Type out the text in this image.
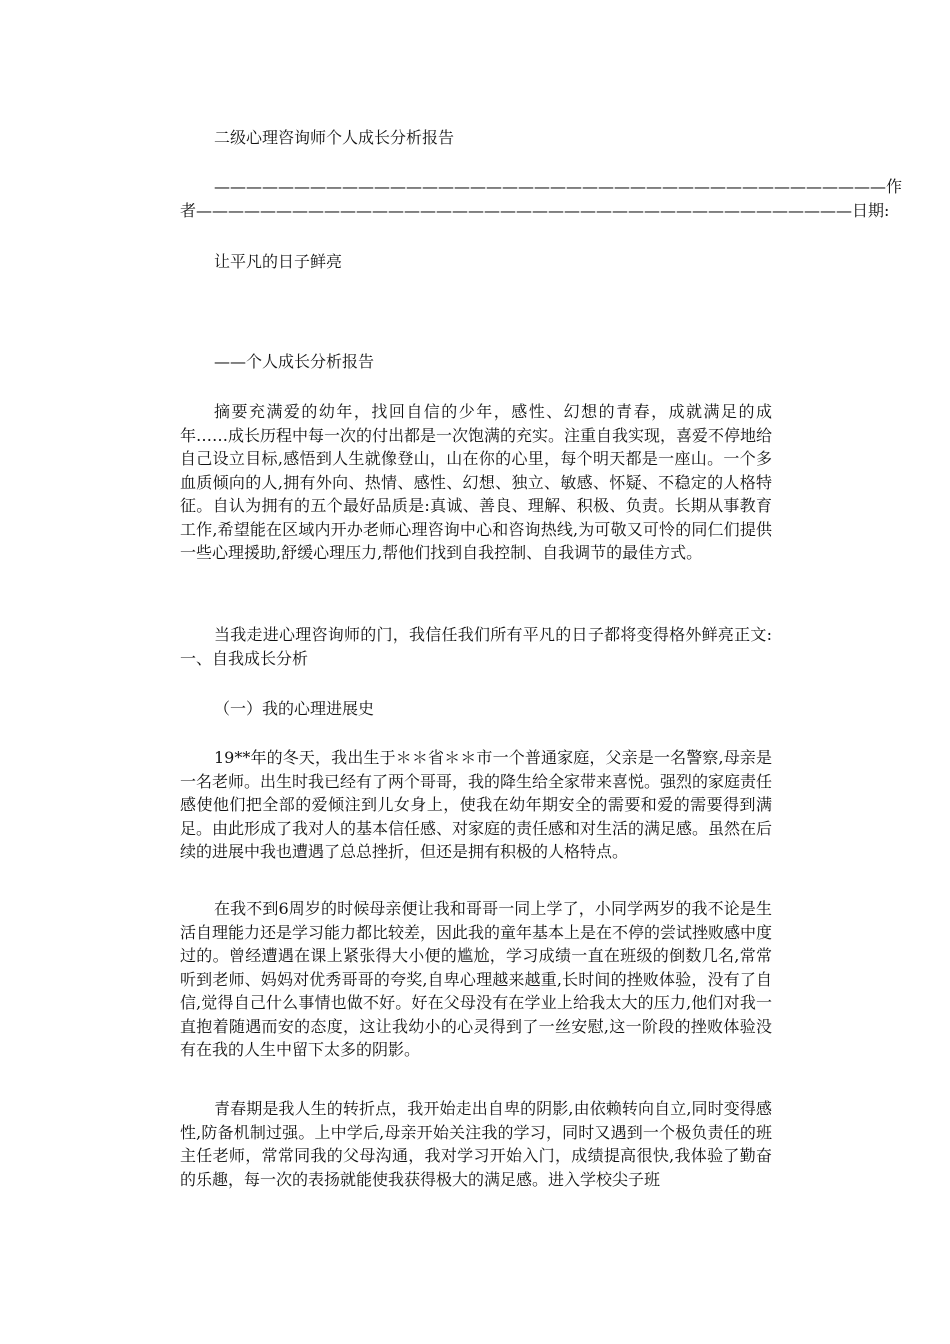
二级心理咨询师个人成长分析报告

——————————————————————————————————————————作

者—————————————————————————————————————————日期:

让平凡的日子鲜亮

——个人成长分析报告

摘要充满爱的幼年，找回自信的少年，感性、幻想的青春，成就满足的成年……成长历程中每一次的付出都是一次饱满的充实。注重自我实现，喜爱不停地给自己设立目标,感悟到人生就像登山，山在你的心里，每个明天都是一座山。一个多血质倾向的人,拥有外向、热情、感性、幻想、独立、敏感、怀疑、不稳定的人格特征。自认为拥有的五个最好品质是:真诚、善良、理解、积极、负责。长期从事教育工作,希望能在区域内开办老师心理咨询中心和咨询热线,为可敬又可怜的同仁们提供一些心理援助,舒缓心理压力,帮他们找到自我控制、自我调节的最佳方式。

当我走进心理咨询师的门，我信任我们所有平凡的日子都将变得格外鲜亮正文:一、自我成长分析

（一）我的心理进展史

19**年的冬天，我出生于＊＊省＊＊市一个普通家庭，父亲是一名警察,母亲是一名老师。出生时我已经有了两个哥哥，我的降生给全家带来喜悦。强烈的家庭责任感使他们把全部的爱倾注到儿女身上，使我在幼年期安全的需要和爱的需要得到满足。由此形成了我对人的基本信任感、对家庭的责任感和对生活的满足感。虽然在后续的进展中我也遭遇了总总挫折，但还是拥有积极的人格特点。

在我不到6周岁的时候母亲便让我和哥哥一同上学了，小同学两岁的我不论是生活自理能力还是学习能力都比较差，因此我的童年基本上是在不停的尝试挫败感中度过的。曾经遭遇在课上紧张得大小便的尴尬，学习成绩一直在班级的倒数几名,常常听到老师、妈妈对优秀哥哥的夸奖,自卑心理越来越重,长时间的挫败体验，没有了自信,觉得自己什么事情也做不好。好在父母没有在学业上给我太大的压力,他们对我一直抱着随遇而安的态度，这让我幼小的心灵得到了一丝安慰,这一阶段的挫败体验没有在我的人生中留下太多的阴影。

青春期是我人生的转折点，我开始走出自卑的阴影,由依赖转向自立,同时变得感性,防备机制过强。上中学后,母亲开始关注我的学习，同时又遇到一个极负责任的班主任老师，常常同我的父母沟通，我对学习开始入门，成绩提高很快,我体验了勤奋的乐趣，每一次的表扬就能使我获得极大的满足感。进入学校尖子班
